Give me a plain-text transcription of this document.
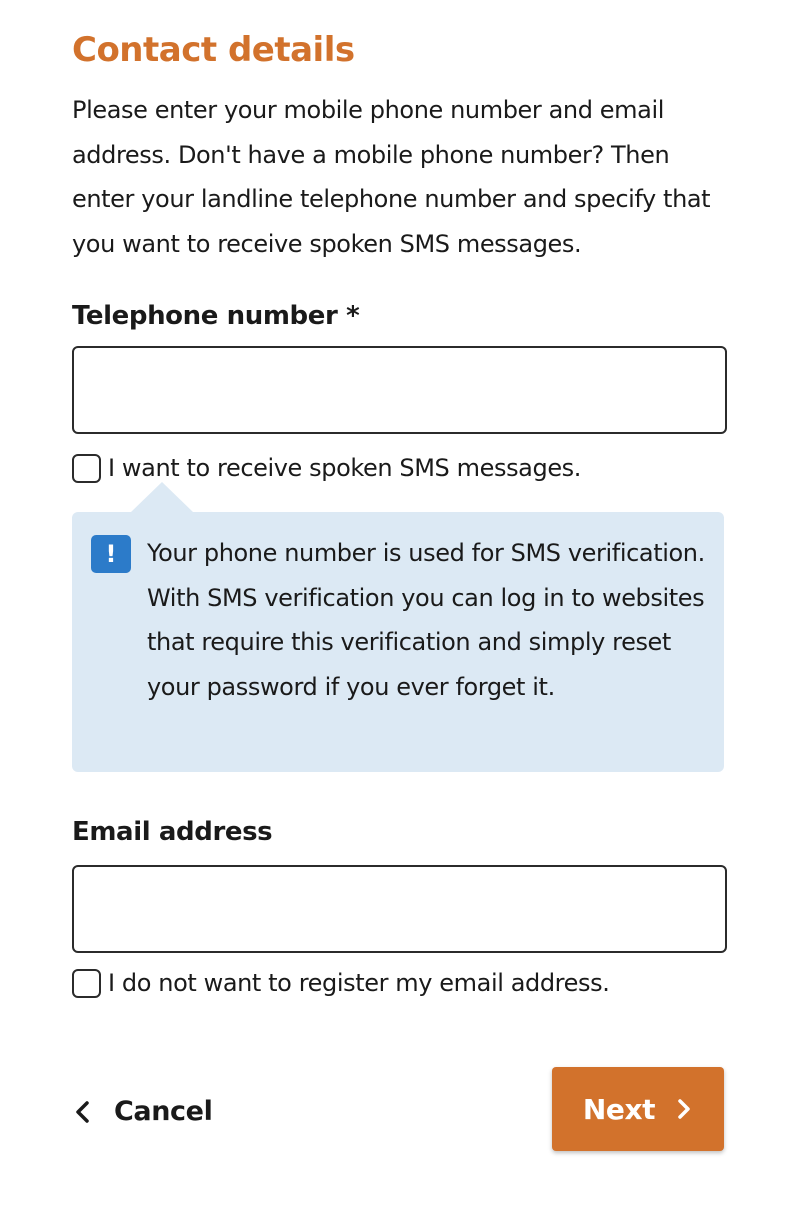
Contact details

Please enter your mobile phone number and email address. Don't have a mobile phone number? Then enter your landline telephone number and specify that you want to receive spoken SMS messages.

Telephone number *
I want to receive spoken SMS messages.
!	Your phone number is used for SMS verification. With SMS verification you can log in to websites that require this verification and simply reset your password if you ever forget it.

Email address
I do not want to register my email address.
Cancel	Next
